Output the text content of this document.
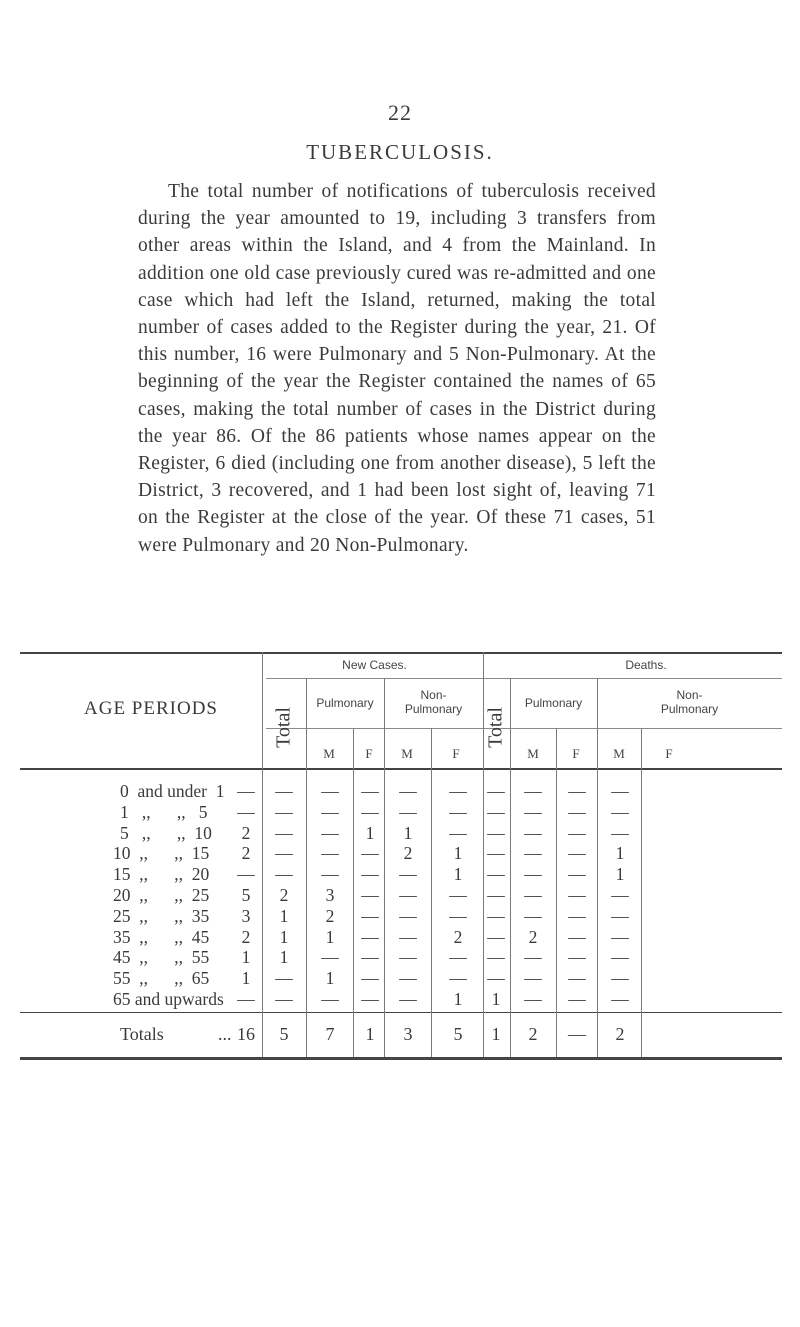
22
TUBERCULOSIS.
The total number of notifications of tuberculosis received during the year amounted to 19, including 3 transfers from other areas within the Island, and 4 from the Mainland. In addition one old case previously cured was re-admitted and one case which had left the Island, returned, making the total number of cases added to the Register during the year, 21. Of this number, 16 were Pulmonary and 5 Non-Pulmonary. At the beginning of the year the Register contained the names of 65 cases, making the total number of cases in the District during the year 86. Of the 86 patients whose names appear on the Register, 6 died (including one from another disease), 5 left the District, 3 recovered, and 1 had been lost sight of, leaving 71 on the Register at the close of the year. Of these 71 cases, 51 were Pulmonary and 20 Non-Pulmonary.
AGE PERIODS
New Cases.	Deaths.
Pulmonary
Non-
Pulmonary	Pulmonary
Non-
Pulmonary
Total	Total
M	F	M	F	M	F	M	F
0  and under  1 —	—	—	—	—	—	—	—	—	—
1   ,,      ,,   5	—	—	—	—	—	—	—	—	—	—
5   ,,      ,,  10	2	—	—	1	1	—	—	—	—	—
10  ,,      ,,  15	2	—	—	—	2	1	—	—	—	1
15  ,,      ,,  20	—	—	—	—	—	1	—	—	—	1
20  ,,      ,,  25	5	2	3	—	—	—	—	—	—	—
25  ,,      ,,  35	3	1	2	—	—	—	—	—	—	—
35  ,,      ,,  45	2	1	1	—	—	2	—	2	—	—
45  ,,      ,,  55	1	1	—	—	—	—	—	—	—	—
55  ,,      ,,  65	1	—	1	—	—	—	—	—	—	—
65 and upwards —	—	—	—	—	1	1	—	—	—
Totals	... 16	5	7	1	3	5	1	2	—	2
